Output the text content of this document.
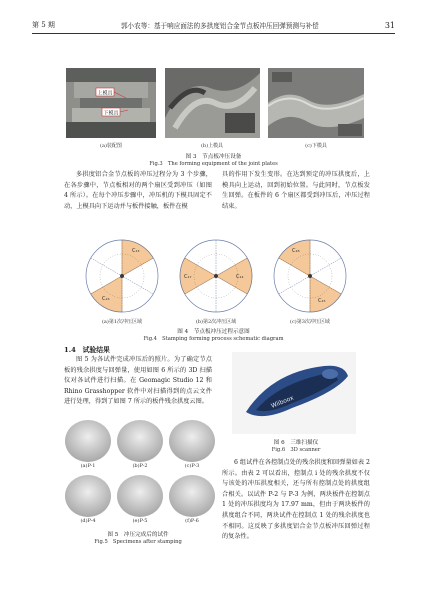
第 5 期	郭小农等：基于响应面法的多拱度铝合金节点板冲压回弹预测与补偿	31
上模具
下模具
(a)装配图	(b)上模具	(c)下模具
图 3　节点板冲压设备
Fig.3　The forming equipment of the joint plates

多拱度铝合金节点板的冲压过程分为 3 个步骤，在各步骤中，节点板相对的两个扇区受到冲压（如图 4 所示）。在每个冲压步骤中，冲压机的下模具固定不动，上模具向下运动并与板件接触，板件在模

具的作用下发生变形。在达到预定的冲压拱度后，上模具向上运动，回到初始位置。与此同时，节点板发生回弹。在板件的 6 个扇区都受到冲压后，冲压过程结束。

C₁₃
C₁₆
C₁₄
C₁₇
C₁₅
C₁₈
(a)第1次冲压区域	(b)第2次冲压区域	(c)第3次冲压区域
图 4　节点板冲压过程示意图
Fig.4　Stamping forming process schematic diagram
1.4　试验结果

图 5 为各试件完成冲压后的照片。为了确定节点板的残余拱度与回弹量，使用如图 6 所示的 3D 扫描仪对各试件进行扫描。在 Geomagic Studio 12 和 Rhino Grasshopper 软件中对扫描得到的点云文件进行处理，得到了如图 7 所示的板件残余拱度云图。

(a)P-1	(b)P-2	(c)P-3
(d)P-4	(e)P-5	(f)P-6
图 5　冲压完成后的试件
Fig.5　Specimens after stamping
Wiiboox
图 6　三维扫描仪
Fig.6　3D scanner

6 组试件在各控制点处的残余拱度和回弹量如表 2 所示。由表 2 可以看出，控制点 i 处的残余拱度不仅与该处的冲压拱度相关，还与所有控制点处的拱度组合相关。以试件 P-2 与 P-3 为例，两块板件在控制点 1 处的冲压拱度均为 17.97 mm，但由于两块板件的拱度组合不同，两块试件在控制点 1 处的残余拱度也不相同。这反映了多拱度铝合金节点板冲压回弹过程的复杂性。
